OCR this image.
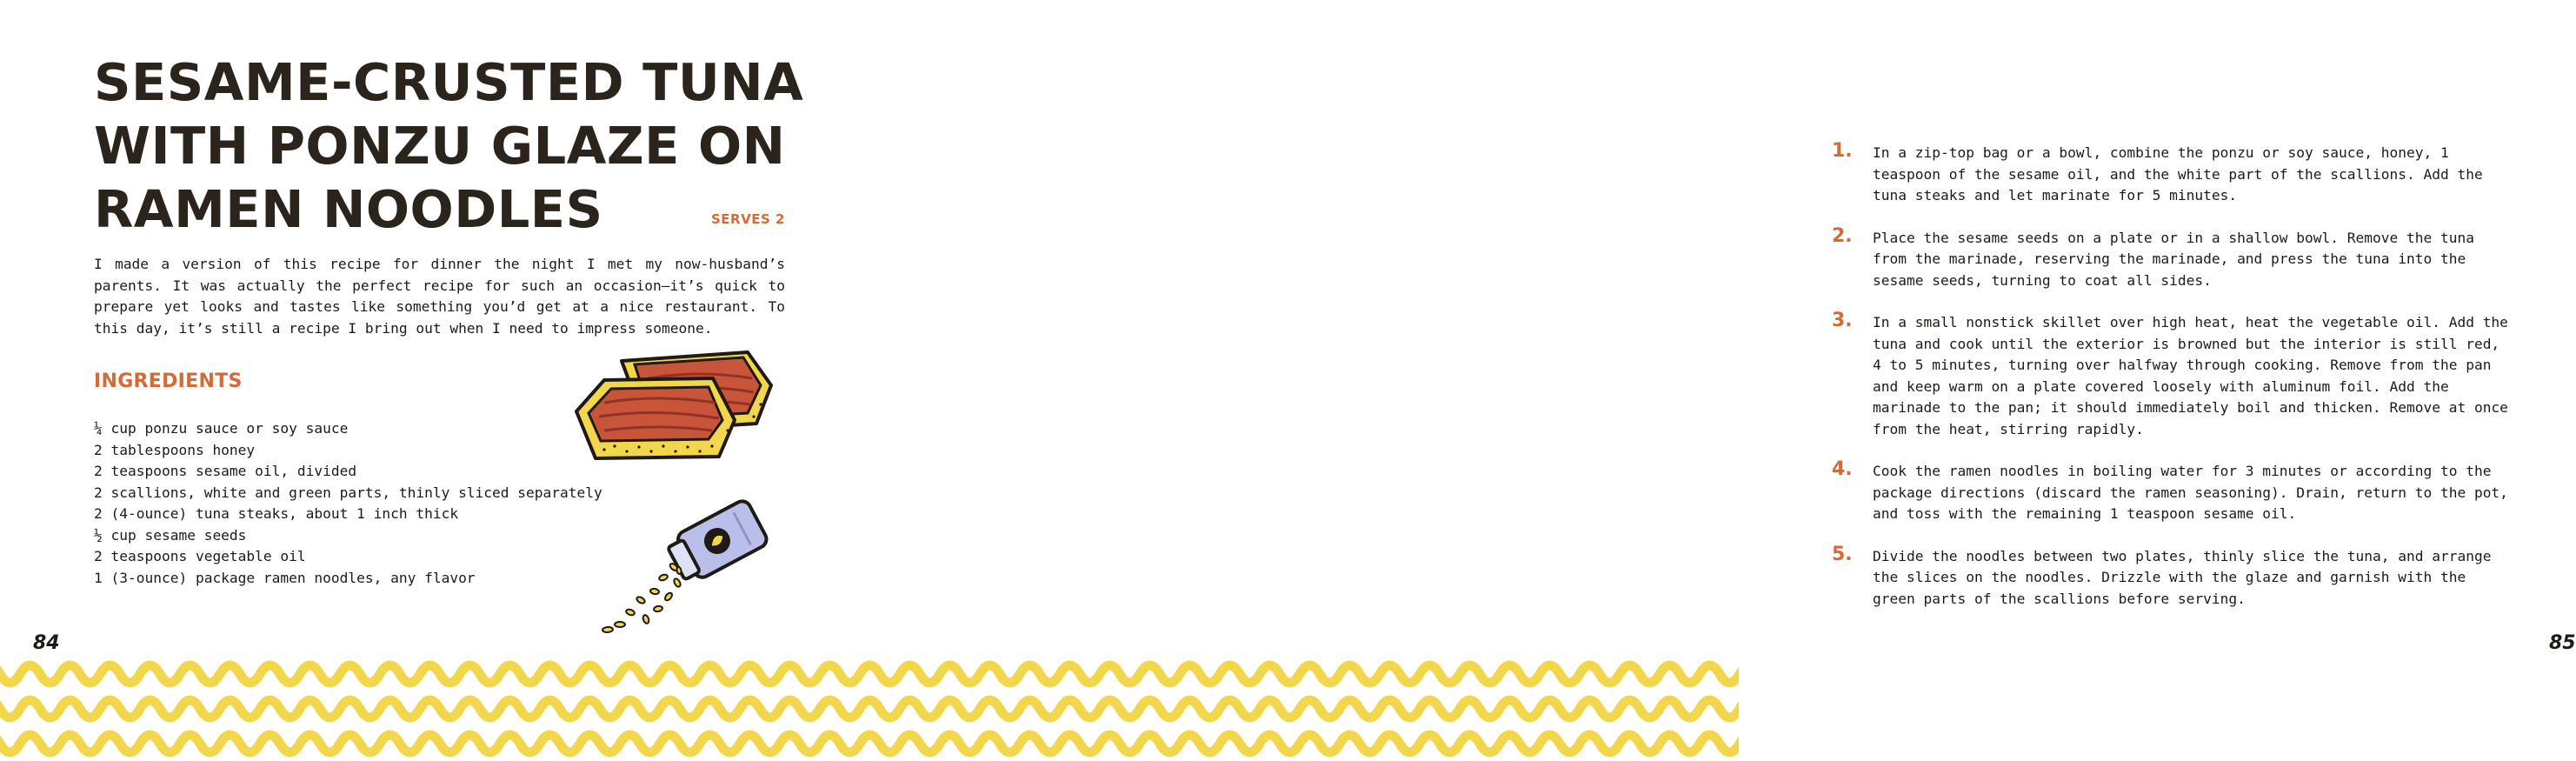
SESAME-CRUSTED TUNA
WITH PONZU GLAZE ON
RAMEN NOODLES	SERVES 2

I made a version of this recipe for dinner the night I met my now-husband’s parents. It was actually the perfect recipe for such an occasion—it’s quick to prepare yet looks and tastes like something you’d get at a nice restaurant. To this day, it’s still a recipe I bring out when I need to impress someone.

INGREDIENTS
¼ cup ponzu sauce or soy sauce
2 tablespoons honey
2 teaspoons sesame oil, divided
2 scallions, white and green parts, thinly sliced separately
2 (4-ounce) tuna steaks, about 1 inch thick
½ cup sesame seeds
2 teaspoons vegetable oil
1 (3-ounce) package ramen noodles, any flavor
84
1. In a zip-top bag or a bowl, combine the ponzu or soy sauce, honey, 1 teaspoon of the sesame oil, and the white part of the scallions. Add the tuna steaks and let marinate for 5 minutes.

2. Place the sesame seeds on a plate or in a shallow bowl. Remove the tuna from the marinade, reserving the marinade, and press the tuna into the sesame seeds, turning to coat all sides.

3. In a small nonstick skillet over high heat, heat the vegetable oil. Add the tuna and cook until the exterior is browned but the interior is still red, 4 to 5 minutes, turning over halfway through cooking. Remove from the pan and keep warm on a plate covered loosely with aluminum foil. Add the marinade to the pan; it should immediately boil and thicken. Remove at once from the heat, stirring rapidly.

4. Cook the ramen noodles in boiling water for 3 minutes or according to the package directions (discard the ramen seasoning). Drain, return to the pot, and toss with the remaining 1 teaspoon sesame oil.

5. Divide the noodles between two plates, thinly slice the tuna, and arrange the slices on the noodles. Drizzle with the glaze and garnish with the green parts of the scallions before serving.

85
